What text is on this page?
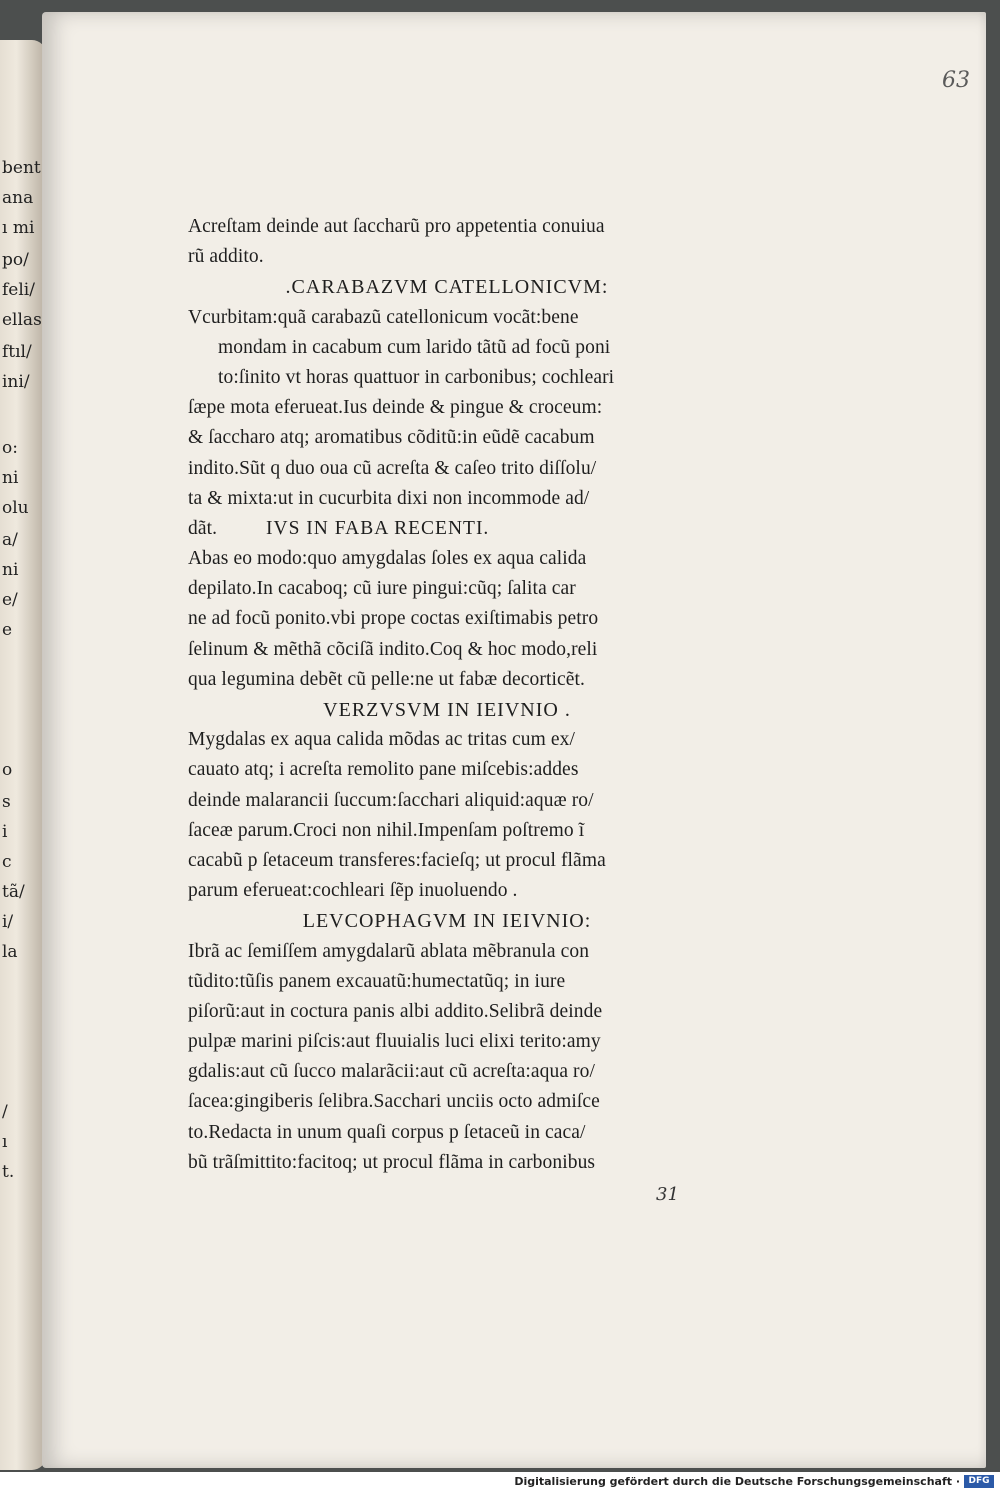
bent
ana
ı mi
po/
feli/
ellas
ftıl/
ini/
o:
ni
olu
a/
ni
e/
e
o
s
i
c
tã/
i/
la
/
ı
t.
63
Acreſtam deinde aut ſaccharũ pro appetentia conuiua
rũ addito.
.CARABAZVM CATELLONICVM:
Vcurbitam:quã carabazũ catellonicum vocãt:bene
mondam in cacabum cum larido tãtũ ad focũ poni
to:ſinito vt horas quattuor in carbonibus; cochleari
ſæpe mota eferueat.Ius deinde & pingue & croceum:
& ſaccharo atq; aromatibus cõditũ:in eũdẽ cacabum
indito.Sũt q duo oua cũ acreſta & caſeo trito diſſolu/
ta & mixta:ut in cucurbita dixi non incommode ad/
dãt.	IVS IN FABA RECENTI.
Abas eo modo:quo amygdalas ſoles ex aqua calida
depilato.In cacaboq; cũ iure pingui:cũq; ſalita car
ne ad focũ ponito.vbi prope coctas exiſtimabis petro
ſelinum & mẽthã cõciſã indito.Coq & hoc modo,reli
qua legumina debẽt cũ pelle:ne ut fabæ decorticẽt.
VERZVSVM IN IEIVNIO .
Mygdalas ex aqua calida mõdas ac tritas cum ex/
cauato atq; i acreſta remolito pane miſcebis:addes
deinde malarancii ſuccum:ſacchari aliquid:aquæ ro/
ſaceæ parum.Croci non nihil.Impenſam poſtremo ĩ
cacabũ p ſetaceum transferes:facieſq; ut procul flãma
parum eferueat:cochleari ſẽp inuoluendo .
LEVCOPHAGVM IN IEIVNIO:
Ibrã ac ſemiſſem amygdalarũ ablata mẽbranula con
tũdito:tũſis panem excauatũ:humectatũq; in iure
piſorũ:aut in coctura panis albi addito.Selibrã deinde
pulpæ marini piſcis:aut fluuialis luci elixi terito:amy
gdalis:aut cũ ſucco malarãcii:aut cũ acreſta:aqua ro/
ſacea:gingiberis ſelibra.Sacchari unciis octo admiſce
to.Redacta in unum quaſi corpus p ſetaceũ in caca/
bũ trãſmittito:facitoq; ut procul flãma in carbonibus
31
Digitalisierung gefördert durch die Deutsche Forschungsgemeinschaft · DFG
